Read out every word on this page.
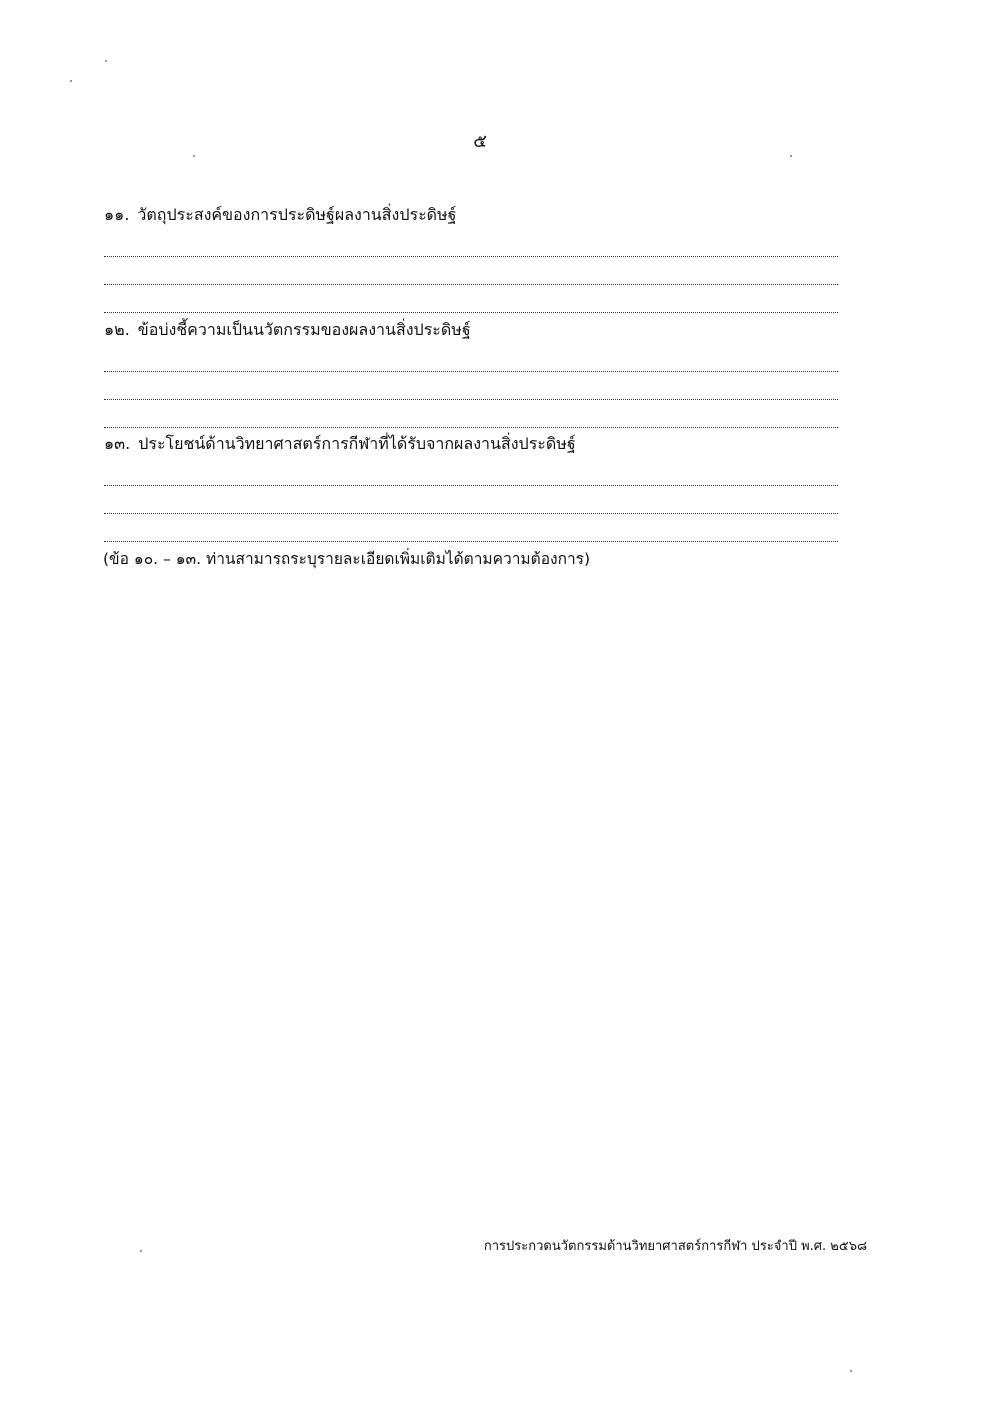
๕
๑๑. วัตถุประสงค์ของการประดิษฐ์ผลงานสิ่งประดิษฐ์
๑๒. ข้อบ่งชี้ความเป็นนวัตกรรมของผลงานสิ่งประดิษฐ์
๑๓. ประโยชน์ด้านวิทยาศาสตร์การกีฬาที่ได้รับจากผลงานสิ่งประดิษฐ์
(ข้อ ๑๐. – ๑๓. ท่านสามารถระบุรายละเอียดเพิ่มเติมได้ตามความต้องการ)
การประกวดนวัตกรรมด้านวิทยาศาสตร์การกีฬา ประจำปี พ.ศ. ๒๕๖๘
